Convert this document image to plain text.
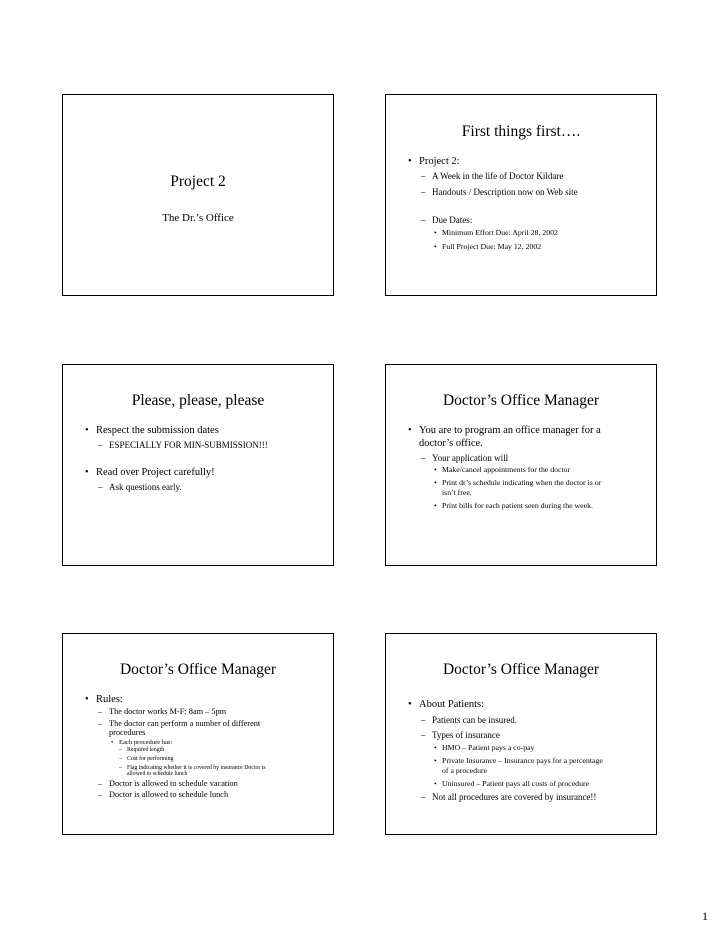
Project 2
The Dr.’s Office
First things first….
• Project 2:
– A Week in the life of Doctor Kildare
– Handouts / Description now on Web site
– Due Dates:
• Minimum Effort Due: April 28, 2002
• Full Project Due: May 12, 2002
Please, please, please
• Respect the submission dates
– ESPECIALLY FOR MIN-SUBMISSION!!!
• Read over Project carefully!
– Ask questions early.
Doctor’s Office Manager
• You are to program an office manager for a
doctor’s office.
– Your application will
• Make/cancel appointments for the doctor
• Print dr’s schedule indicating when the doctor is or
isn’t free.
• Print bills for each patient seen during the week.
Doctor’s Office Manager
• Rules:
– The doctor works M-F: 8am – 5pm
– The doctor can perform a number of different
procedures
• Each procedure has:
– Required length
– Cost for performing
– Flag indicating whether it is covered by insurance Doctor is
allowed to schedule lunch
– Doctor is allowed to schedule vacation
– Doctor is allowed to schedule lunch
Doctor’s Office Manager
• About Patients:
– Patients can be insured.
– Types of insurance
• HMO – Patient pays a co-pay
• Private Insurance – Insurance pays for a percentage
of a procedure
• Uninsured – Patient pays all costs of procedure
– Not all procedures are covered by insurance!!
1
